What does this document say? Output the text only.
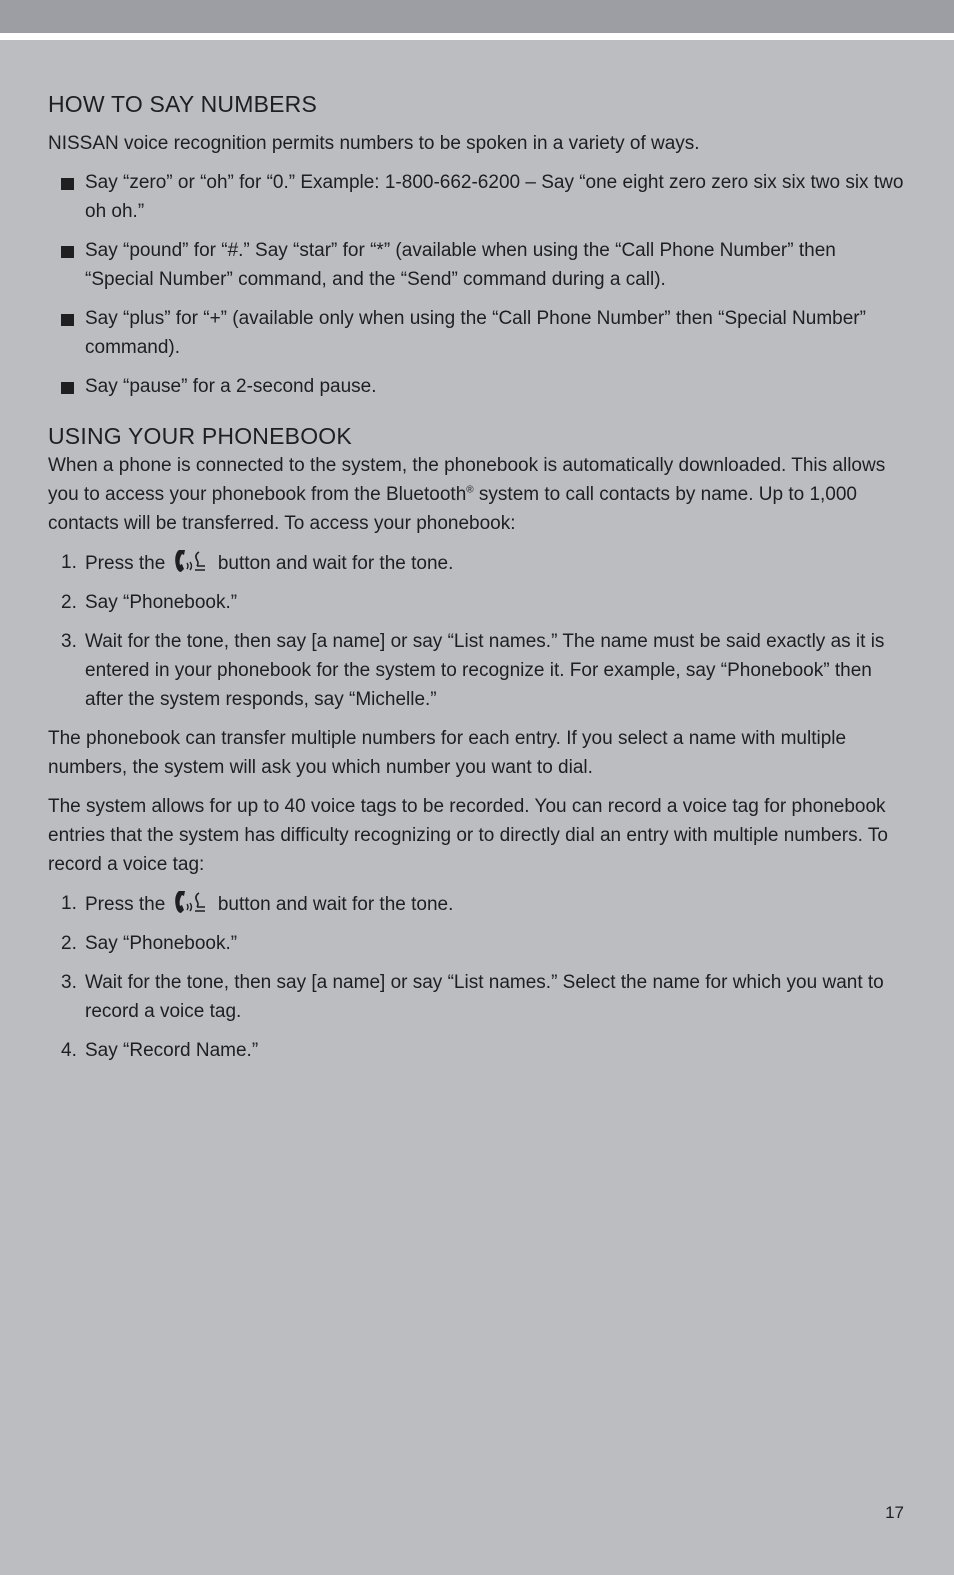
HOW TO SAY NUMBERS

NISSAN voice recognition permits numbers to be spoken in a variety of ways.

Say “zero” or “oh” for “0.” Example: 1-800-662-6200 – Say “one eight zero zero six six two six two oh oh.”
Say “pound” for “#.” Say “star” for “*” (available when using the “Call Phone Number” then “Special Number” command, and the “Send” command during a call).
Say “plus” for “+” (available only when using the “Call Phone Number” then “Special Number” command).
Say “pause” for a 2-second pause.
USING YOUR PHONEBOOK

When a phone is connected to the system, the phonebook is automatically downloaded. This allows you to access your phonebook from the Bluetooth® system to call contacts by name. Up to 1,000 contacts will be transferred. To access your phonebook:

1. Press the	button and wait for the tone.
2. Say “Phonebook.”
3. Wait for the tone, then say [a name] or say “List names.” The name must be said exactly as it is entered in your phonebook for the system to recognize it. For example, say “Phonebook” then after the system responds, say “Michelle.”

The phonebook can transfer multiple numbers for each entry. If you select a name with multiple numbers, the system will ask you which number you want to dial.

The system allows for up to 40 voice tags to be recorded. You can record a voice tag for phonebook entries that the system has difficulty recognizing or to directly dial an entry with multiple numbers. To record a voice tag:

1. Press the	button and wait for the tone.
2. Say “Phonebook.”
3. Wait for the tone, then say [a name] or say “List names.” Select the name for which you want to record a voice tag.
4. Say “Record Name.”
17
